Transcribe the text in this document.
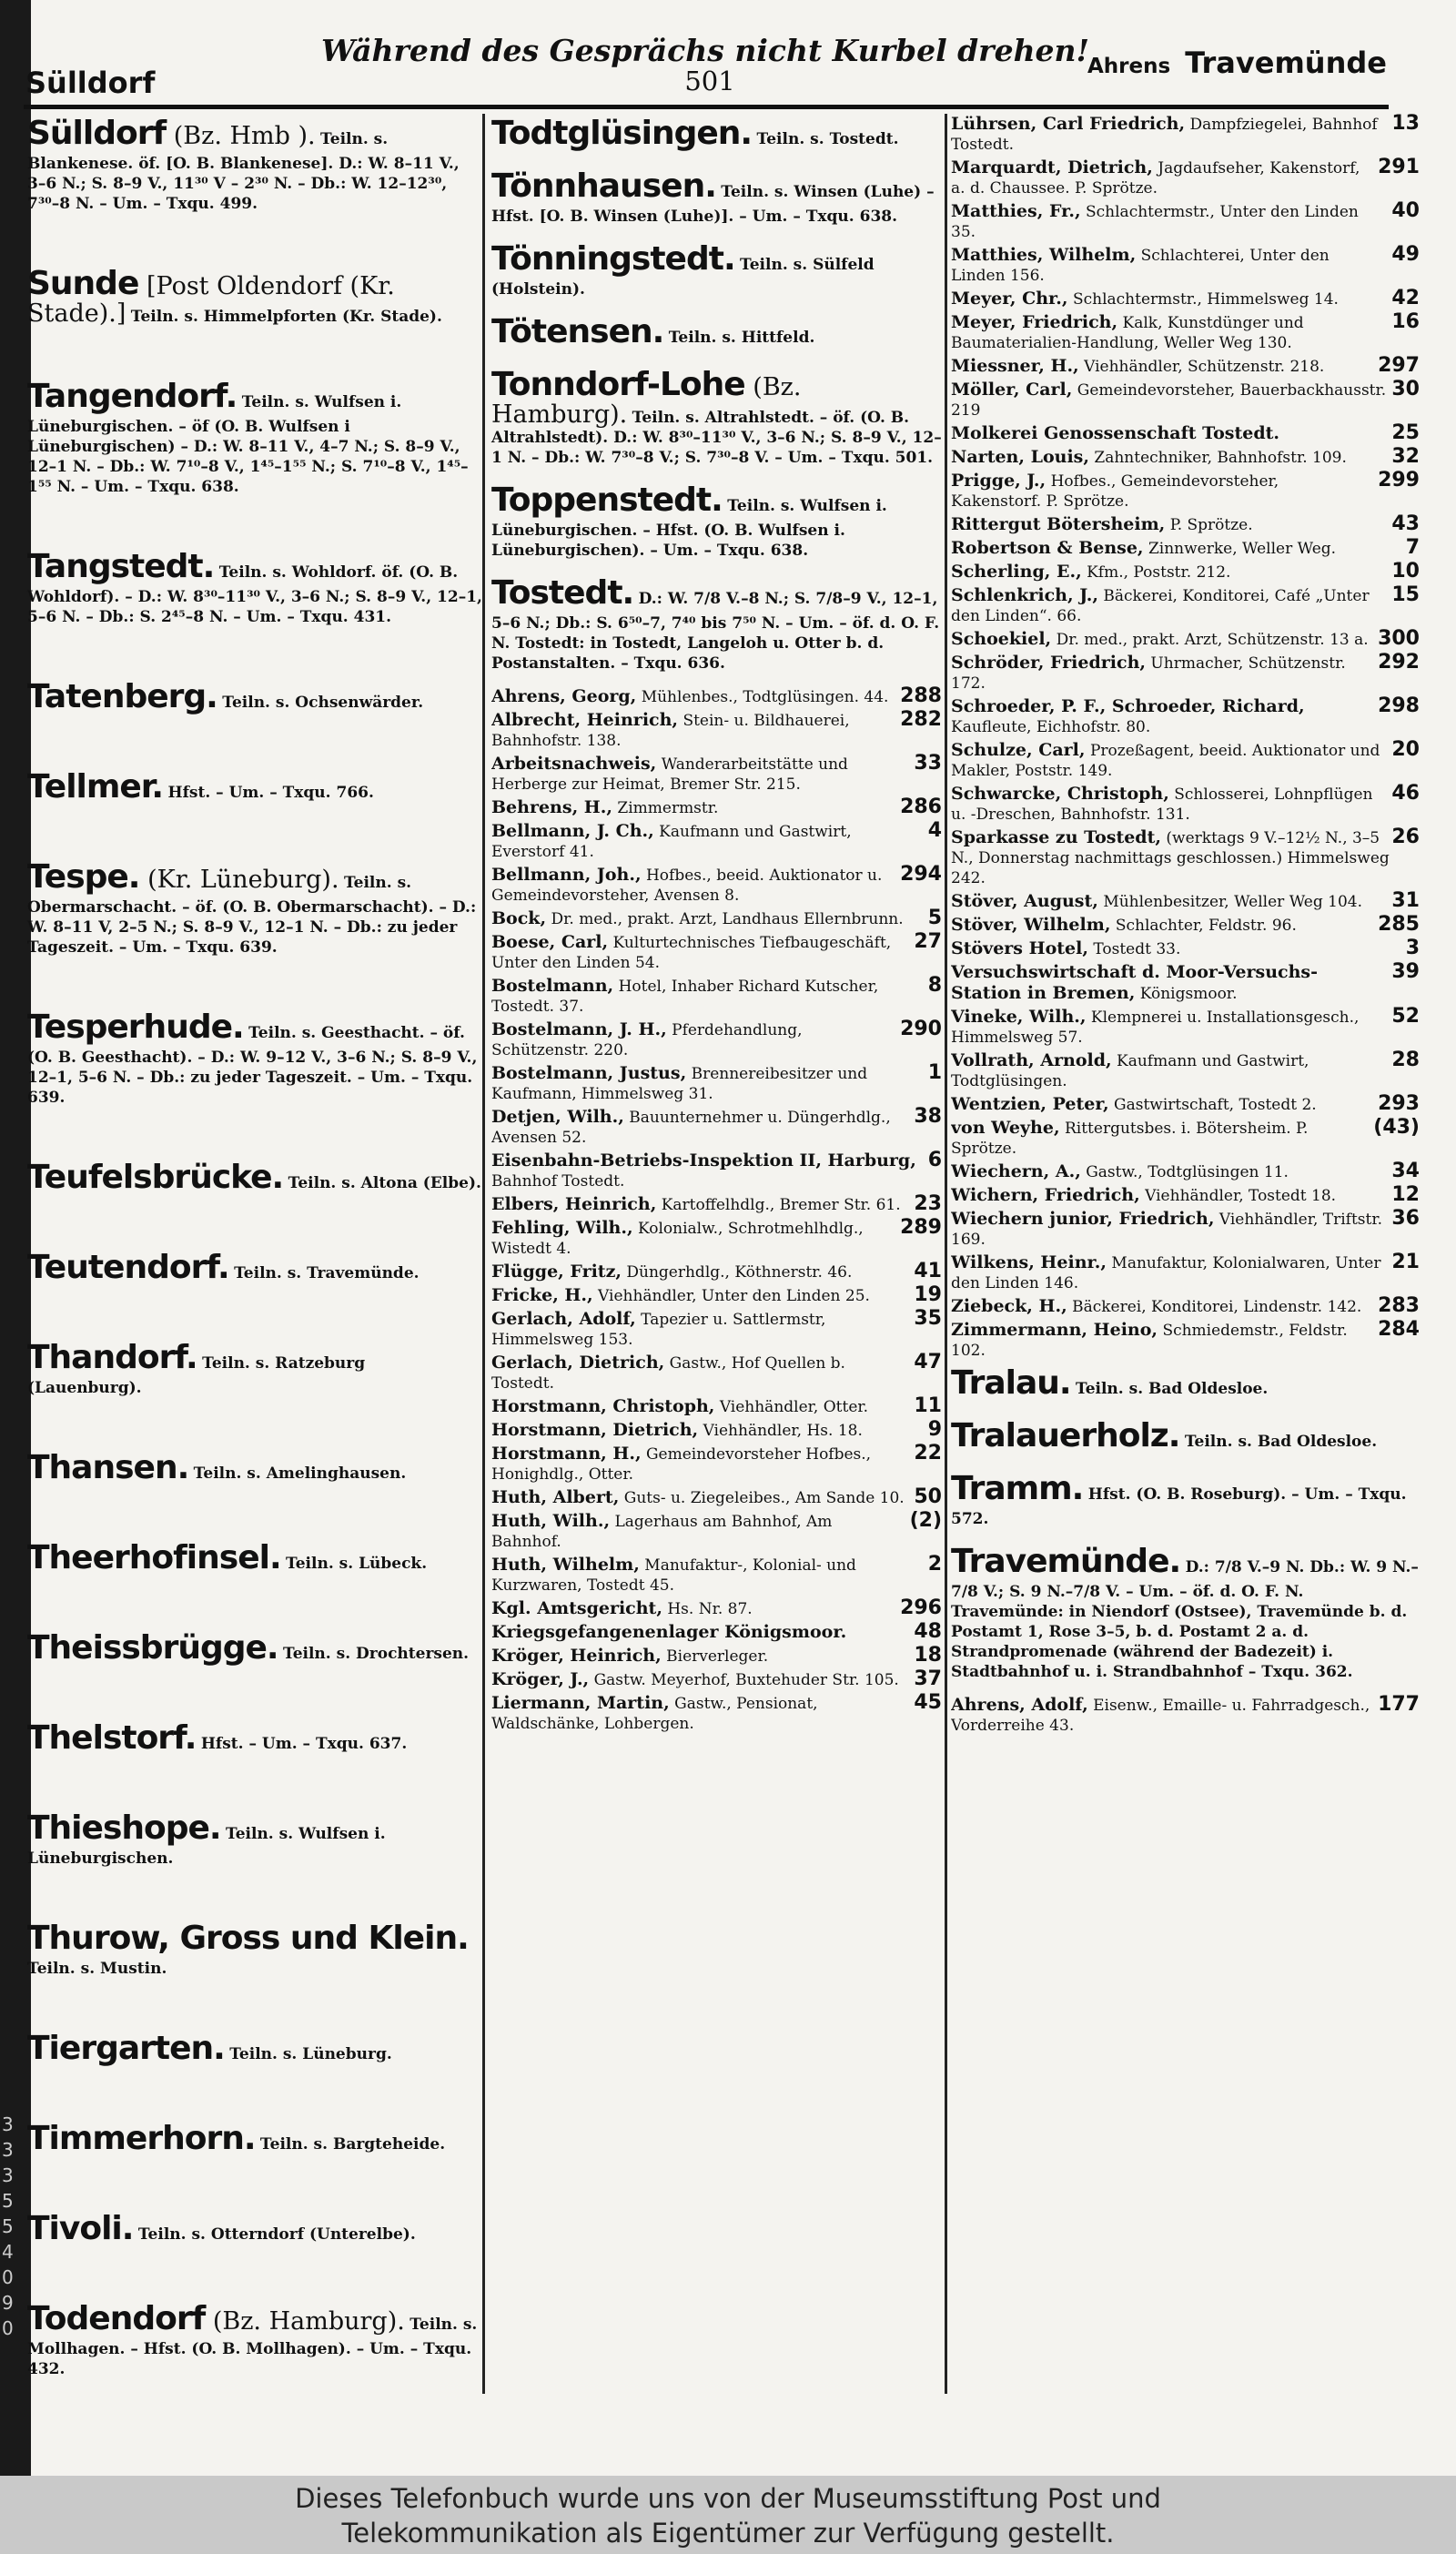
3
3
3
5
5
4
0
9
0
Sülldorf
Während des Gesprächs nicht Kurbel drehen!
501	Ahrens Travemünde
Sülldorf (Bz. Hmb ). Teiln. s. Blankenese. öf. [O. B. Blankenese]. D.: W. 8–11 V., 3–6 N.; S. 8–9 V., 11³⁰ V – 2³⁰ N. – Db.: W. 12–12³⁰, 7³⁰–8 N. – Um. – Txqu. 499.
Sunde [Post Oldendorf (Kr. Stade).] Teiln. s. Himmelpforten (Kr. Stade).
Tangendorf. Teiln. s. Wulfsen i. Lüneburgischen. – öf (O. B. Wulfsen i Lüneburgischen) – D.: W. 8–11 V., 4–7 N.; S. 8–9 V., 12–1 N. – Db.: W. 7¹⁰–8 V., 1⁴⁵–1⁵⁵ N.; S. 7¹⁰–8 V., 1⁴⁵–1⁵⁵ N. – Um. – Txqu. 638.
Tangstedt. Teiln. s. Wohldorf. öf. (O. B. Wohldorf). – D.: W. 8³⁰–11³⁰ V., 3–6 N.; S. 8–9 V., 12–1, 5–6 N. – Db.: S. 2⁴⁵–8 N. – Um. – Txqu. 431.
Tatenberg. Teiln. s. Ochsenwärder.
Tellmer. Hfst. – Um. – Txqu. 766.
Tespe. (Kr. Lüneburg). Teiln. s. Obermarschacht. – öf. (O. B. Obermarschacht). – D.: W. 8–11 V, 2–5 N.; S. 8–9 V., 12–1 N. – Db.: zu jeder Tageszeit. – Um. – Txqu. 639.
Tesperhude. Teiln. s. Geesthacht. – öf. (O. B. Geesthacht). – D.: W. 9–12 V., 3–6 N.; S. 8–9 V., 12–1, 5–6 N. – Db.: zu jeder Tageszeit. – Um. – Txqu. 639.
Teufelsbrücke. Teiln. s. Altona (Elbe).
Teutendorf. Teiln. s. Travemünde.
Thandorf. Teiln. s. Ratzeburg (Lauenburg).
Thansen. Teiln. s. Amelinghausen.
Theerhofinsel. Teiln. s. Lübeck.
Theissbrügge. Teiln. s. Drochtersen.
Thelstorf. Hfst. – Um. – Txqu. 637.
Thieshope. Teiln. s. Wulfsen i. Lüneburgischen.
Thurow, Gross und Klein. Teiln. s. Mustin.
Tiergarten. Teiln. s. Lüneburg.
Timmerhorn. Teiln. s. Bargteheide.
Tivoli. Teiln. s. Otterndorf (Unterelbe).
Todendorf (Bz. Hamburg). Teiln. s. Mollhagen. – Hfst. (O. B. Mollhagen). – Um. – Txqu. 432.
Todtglüsingen. Teiln. s. Tostedt.
Tönnhausen. Teiln. s. Winsen (Luhe) – Hfst. [O. B. Winsen (Luhe)]. – Um. – Txqu. 638.
Tönningstedt. Teiln. s. Sülfeld (Holstein).
Tötensen. Teiln. s. Hittfeld.
Tonndorf-Lohe (Bz. Hamburg). Teiln. s. Altrahlstedt. – öf. (O. B. Altrahlstedt). D.: W. 8³⁰–11³⁰ V., 3–6 N.; S. 8–9 V., 12–1 N. – Db.: W. 7³⁰–8 V.; S. 7³⁰–8 V. – Um. – Txqu. 501.
Toppenstedt. Teiln. s. Wulfsen i. Lüneburgischen. – Hfst. (O. B. Wulfsen i. Lüneburgischen). – Um. – Txqu. 638.
Tostedt. D.: W. 7/8 V.–8 N.; S. 7/8–9 V., 12–1, 5–6 N.; Db.: S. 6⁵⁰–7, 7⁴⁰ bis 7⁵⁰ N. – Um. – öf. d. O. F. N. Tostedt: in Tostedt, Langeloh u. Otter b. d. Postanstalten. – Txqu. 636.
288
Ahrens, Georg, Mühlenbes., Todtglüsingen. 44.
282
Albrecht, Heinrich, Stein- u. Bildhauerei, Bahnhofstr. 138.
33
Arbeitsnachweis, Wanderarbeitstätte und Herberge zur Heimat, Bremer Str. 215.
286
Behrens, H., Zimmermstr.
4
Bellmann, J. Ch., Kaufmann und Gastwirt, Everstorf 41.
294
Bellmann, Joh., Hofbes., beeid. Auktionator u. Gemeindevorsteher, Avensen 8.
5
Bock, Dr. med., prakt. Arzt, Landhaus Ellernbrunn.
27
Boese, Carl, Kulturtechnisches Tiefbaugeschäft, Unter den Linden 54.
8
Bostelmann, Hotel, Inhaber Richard Kutscher, Tostedt. 37.
290
Bostelmann, J. H., Pferdehandlung, Schützenstr. 220.
1
Bostelmann, Justus, Brennereibesitzer und Kaufmann, Himmelsweg 31.
38
Detjen, Wilh., Bauunternehmer u. Düngerhdlg., Avensen 52.
6
Eisenbahn-Betriebs-Inspektion II, Harburg, Bahnhof Tostedt.
23
Elbers, Heinrich, Kartoffelhdlg., Bremer Str. 61.
289
Fehling, Wilh., Kolonialw., Schrotmehlhdlg., Wistedt 4.
41
Flügge, Fritz, Düngerhdlg., Köthnerstr. 46.
19
Fricke, H., Viehhändler, Unter den Linden 25.
35
Gerlach, Adolf, Tapezier u. Sattlermstr, Himmelsweg 153.
47
Gerlach, Dietrich, Gastw., Hof Quellen b. Tostedt.
11
Horstmann, Christoph, Viehhändler, Otter.
9
Horstmann, Dietrich, Viehhändler, Hs. 18.
22
Horstmann, H., Gemeindevorsteher Hofbes., Honighdlg., Otter.
50
Huth, Albert, Guts- u. Ziegeleibes., Am Sande 10.
(2)
Huth, Wilh., Lagerhaus am Bahnhof, Am Bahnhof.
2
Huth, Wilhelm, Manufaktur-, Kolonial- und Kurzwaren, Tostedt 45.
296
Kgl. Amtsgericht, Hs. Nr. 87.
48
Kriegsgefangenenlager Königsmoor.
18
Kröger, Heinrich, Bierverleger.
37
Kröger, J., Gastw. Meyerhof, Buxtehuder Str. 105.
45
Liermann, Martin, Gastw., Pensionat, Waldschänke, Lohbergen.
13
Lührsen, Carl Friedrich, Dampfziegelei, Bahnhof Tostedt.
291
Marquardt, Dietrich, Jagdaufseher, Kakenstorf, a. d. Chaussee. P. Sprötze.
40
Matthies, Fr., Schlachtermstr., Unter den Linden 35.
49
Matthies, Wilhelm, Schlachterei, Unter den Linden 156.
42
Meyer, Chr., Schlachtermstr., Himmelsweg 14.
16
Meyer, Friedrich, Kalk, Kunstdünger und Baumaterialien-Handlung, Weller Weg 130.
297
Miessner, H., Viehhändler, Schützenstr. 218.
30
Möller, Carl, Gemeindevorsteher, Bauerbackhausstr. 219
25
Molkerei Genossenschaft Tostedt.
32
Narten, Louis, Zahntechniker, Bahnhofstr. 109.
299
Prigge, J., Hofbes., Gemeindevorsteher, Kakenstorf. P. Sprötze.
43
Rittergut Bötersheim, P. Sprötze.
7
Robertson & Bense, Zinnwerke, Weller Weg.
10
Scherling, E., Kfm., Poststr. 212.
15
Schlenkrich, J., Bäckerei, Konditorei, Café „Unter den Linden“. 66.
300
Schoekiel, Dr. med., prakt. Arzt, Schützenstr. 13 a.
292
Schröder, Friedrich, Uhrmacher, Schützenstr. 172.
298
Schroeder, P. F., Schroeder, Richard, Kaufleute, Eichhofstr. 80.
20
Schulze, Carl, Prozeßagent, beeid. Auktionator und Makler, Poststr. 149.
46
Schwarcke, Christoph, Schlosserei, Lohnpflügen u. -Dreschen, Bahnhofstr. 131.
26
Sparkasse zu Tostedt, (werktags 9 V.–12½ N., 3–5 N., Donnerstag nachmittags geschlossen.) Himmelsweg 242.
31
Stöver, August, Mühlenbesitzer, Weller Weg 104.
285
Stöver, Wilhelm, Schlachter, Feldstr. 96.
3
Stövers Hotel, Tostedt 33.
39
Versuchswirtschaft d. Moor-Versuchs-Station in Bremen, Königsmoor.
52
Vineke, Wilh., Klempnerei u. Installationsgesch., Himmelsweg 57.
28
Vollrath, Arnold, Kaufmann und Gastwirt, Todtglüsingen.
293
Wentzien, Peter, Gastwirtschaft, Tostedt 2.
(43)
von Weyhe, Rittergutsbes. i. Bötersheim. P. Sprötze.
34
Wiechern, A., Gastw., Todtglüsingen 11.
12
Wichern, Friedrich, Viehhändler, Tostedt 18.
36
Wiechern junior, Friedrich, Viehhändler, Triftstr. 169.
21
Wilkens, Heinr., Manufaktur, Kolonialwaren, Unter den Linden 146.
283
Ziebeck, H., Bäckerei, Konditorei, Lindenstr. 142.
284
Zimmermann, Heino, Schmiedemstr., Feldstr. 102.
Tralau. Teiln. s. Bad Oldesloe.
Tralauerholz. Teiln. s. Bad Oldesloe.
Tramm. Hfst. (O. B. Roseburg). – Um. – Txqu. 572.
Travemünde. D.: 7/8 V.–9 N. Db.: W. 9 N.–7/8 V.; S. 9 N.–7/8 V. – Um. – öf. d. O. F. N. Travemünde: in Niendorf (Ostsee), Travemünde b. d. Postamt 1, Rose 3–5, b. d. Postamt 2 a. d. Strandpromenade (während der Badezeit) i. Stadtbahnhof u. i. Strandbahnhof – Txqu. 362.
177
Ahrens, Adolf, Eisenw., Emaille- u. Fahrradgesch., Vorderreihe 43.
Dieses Telefonbuch wurde uns von der Museumsstiftung Post und
Telekommunikation als Eigentümer zur Verfügung gestellt.
